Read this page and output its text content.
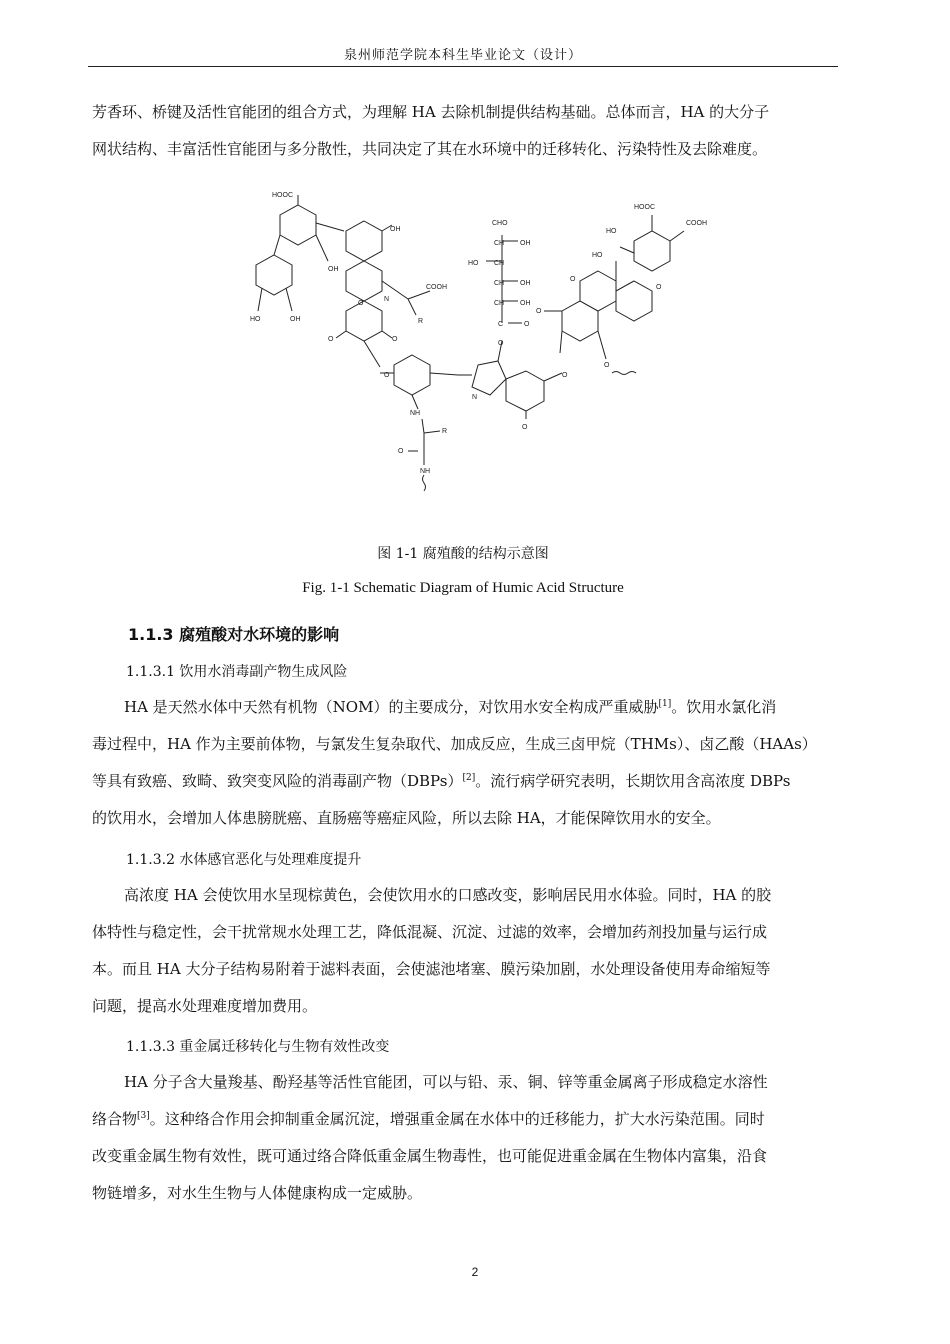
泉州师范学院本科生毕业论文（设计）
芳香环、桥键及活性官能团的组合方式，为理解 HA 去除机制提供结构基础。总体而言，HA 的大分子
网状结构、丰富活性官能团与多分散性，共同决定了其在水环境中的迁移转化、污染特性及去除难度。
HOOC
OH
OH
HO	OH
N
COOH
R
O	O
O
O
NH
R
O
NH
CHO
CH OH
HO CH
CH OH
CH OH
C	O
O
N
O
O
HOOC
COOH
HO
HO
O
O
O
O
图 1-1 腐殖酸的结构示意图
Fig. 1-1 Schematic Diagram of Humic Acid Structure
1.1.3 腐殖酸对水环境的影响
1.1.3.1 饮用水消毒副产物生成风险
HA 是天然水体中天然有机物（NOM）的主要成分，对饮用水安全构成严重威胁[1]。饮用水氯化消
毒过程中，HA 作为主要前体物，与氯发生复杂取代、加成反应，生成三卤甲烷（THMs）、卤乙酸（HAAs）
等具有致癌、致畸、致突变风险的消毒副产物（DBPs）[2]。流行病学研究表明，长期饮用含高浓度 DBPs
的饮用水，会增加人体患膀胱癌、直肠癌等癌症风险，所以去除 HA，才能保障饮用水的安全。
1.1.3.2 水体感官恶化与处理难度提升
高浓度 HA 会使饮用水呈现棕黄色，会使饮用水的口感改变，影响居民用水体验。同时，HA 的胶
体特性与稳定性，会干扰常规水处理工艺，降低混凝、沉淀、过滤的效率，会增加药剂投加量与运行成
本。而且 HA 大分子结构易附着于滤料表面，会使滤池堵塞、膜污染加剧，水处理设备使用寿命缩短等
问题，提高水处理难度增加费用。
1.1.3.3 重金属迁移转化与生物有效性改变
HA 分子含大量羧基、酚羟基等活性官能团，可以与铅、汞、铜、锌等重金属离子形成稳定水溶性
络合物[3]。这种络合作用会抑制重金属沉淀，增强重金属在水体中的迁移能力，扩大水污染范围。同时
改变重金属生物有效性，既可通过络合降低重金属生物毒性，也可能促进重金属在生物体内富集，沿食
物链增多，对水生生物与人体健康构成一定威胁。
2
